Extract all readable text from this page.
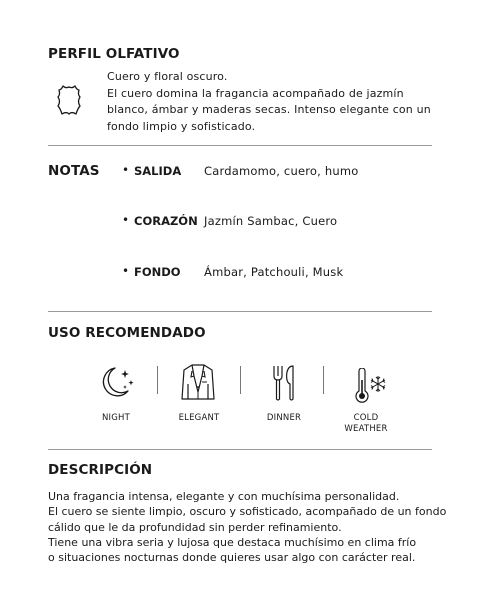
PERFIL OLFATIVO
Cuero y floral oscuro.
El cuero domina la fragancia acompañado de jazmín
blanco, ámbar y maderas secas. Intenso elegante con un
fondo limpio y sofisticado.
NOTAS • SALIDA Cardamomo, cuero, humo
• CORAZÓN Jazmín Sambac, Cuero
• FONDO Ámbar, Patchouli, Musk
USO RECOMENDADO
NIGHT	ELEGANT	DINNER	COLD
WEATHER
DESCRIPCIÓN
Una fragancia intensa, elegante y con muchísima personalidad.
El cuero se siente limpio, oscuro y sofisticado, acompañado de un fondo
cálido que le da profundidad sin perder refinamiento.
Tiene una vibra seria y lujosa que destaca muchísimo en clima frío
o situaciones nocturnas donde quieres usar algo con carácter real.
